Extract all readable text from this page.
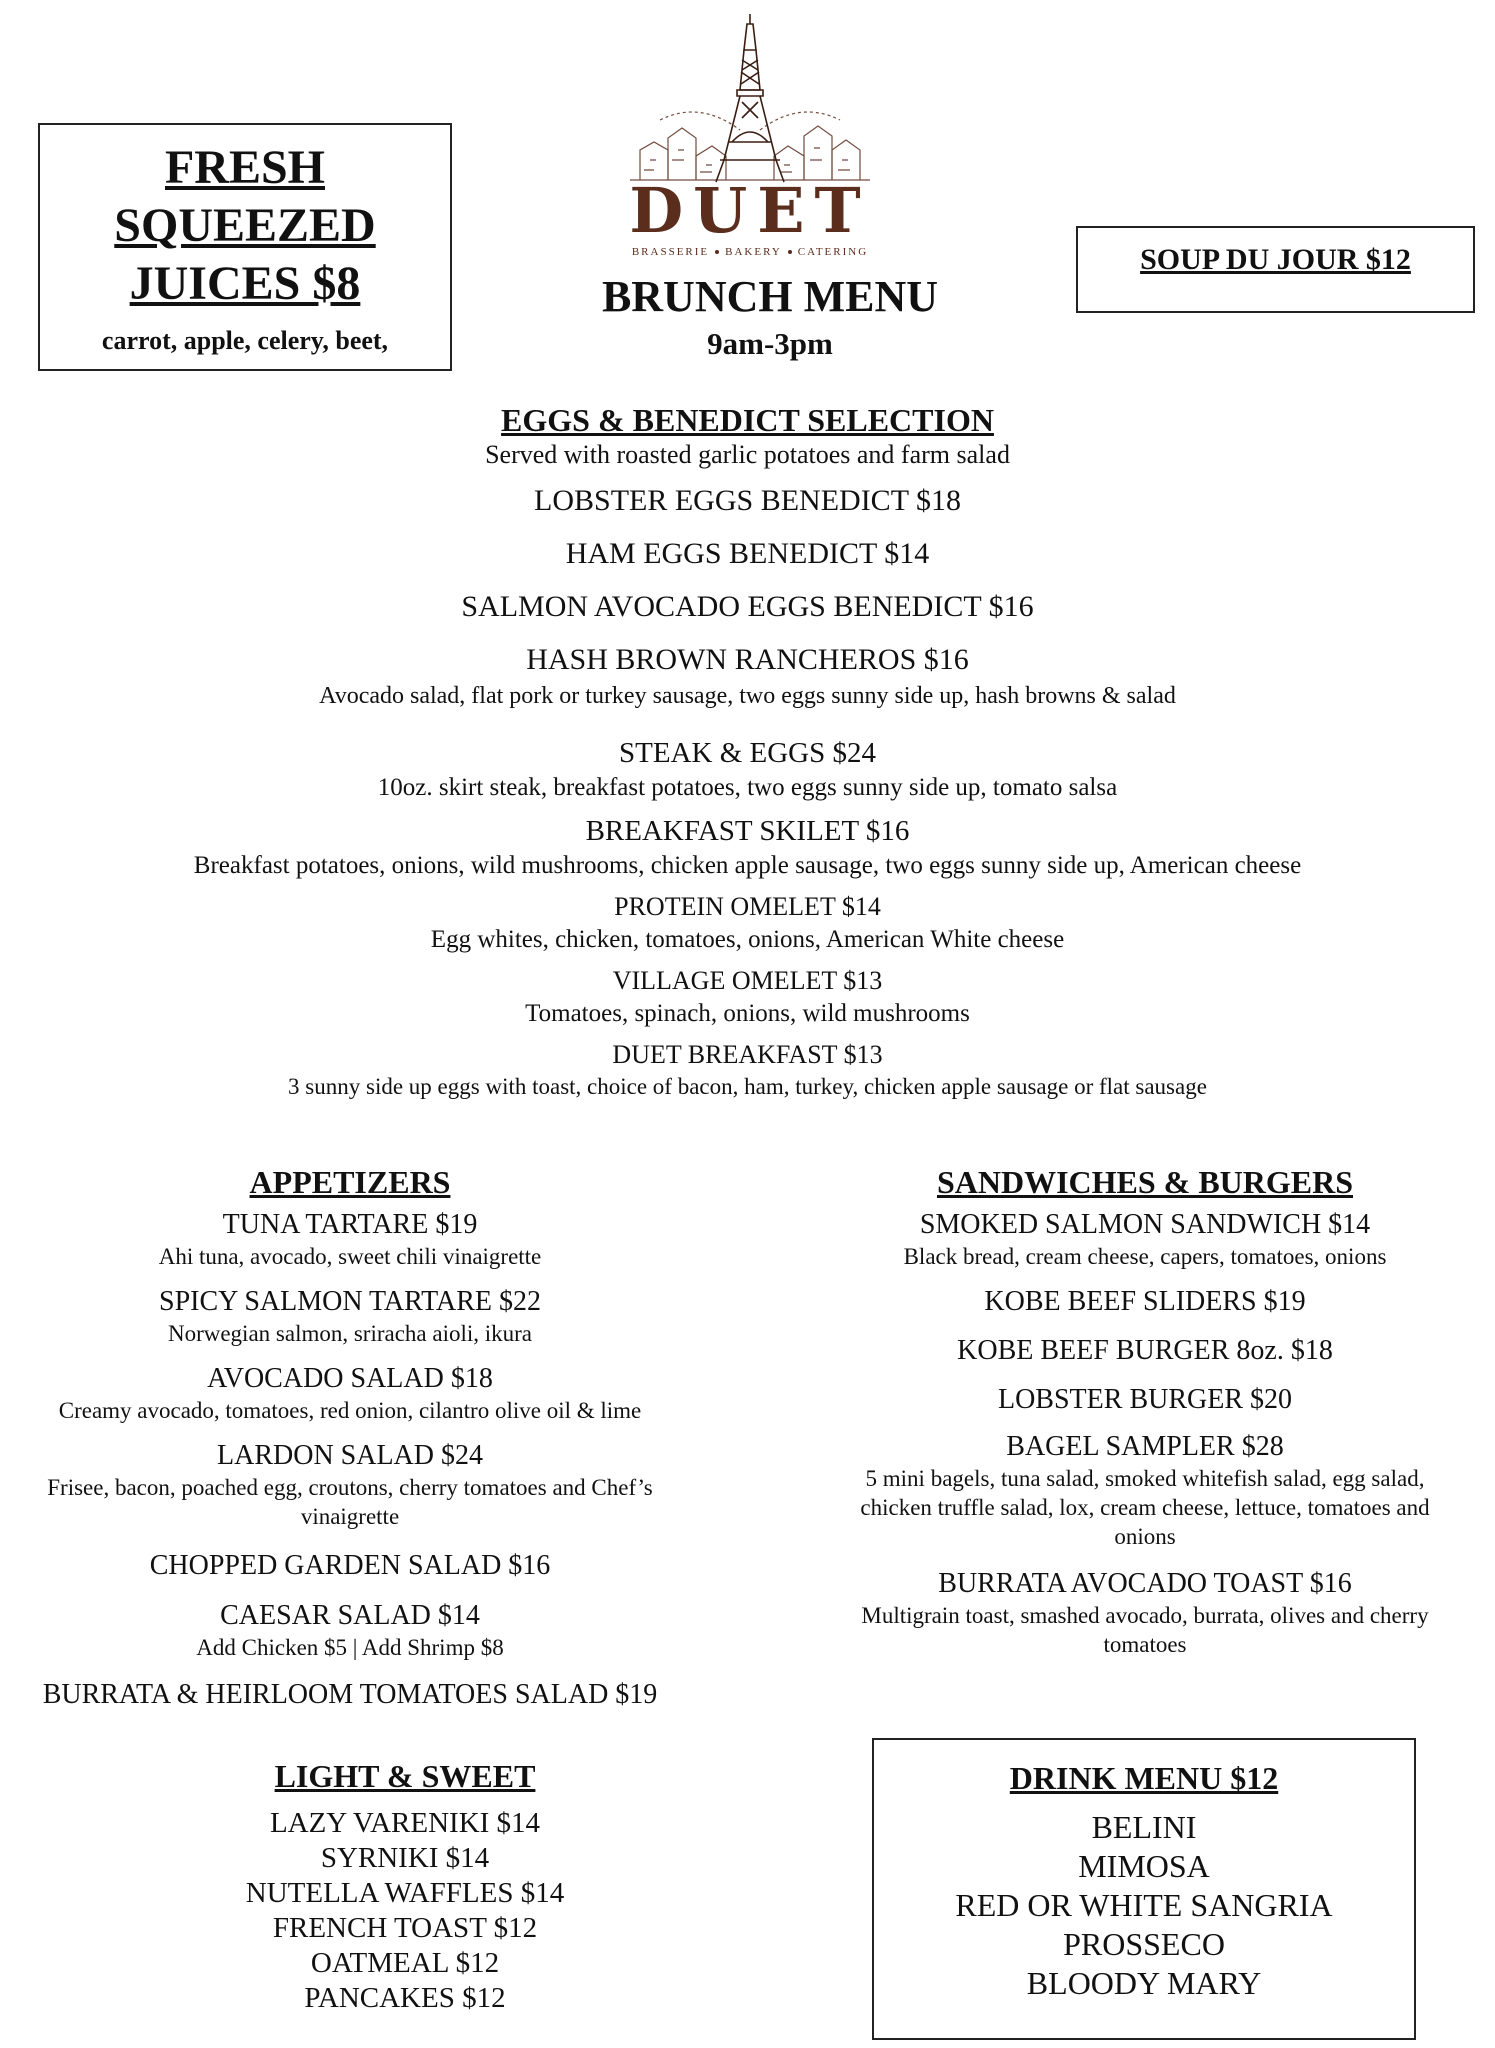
FRESH
SQUEEZED
JUICES $8
carrot, apple, celery, beet,
DUET
BRASSERIE BAKERY CATERING
BRUNCH MENU
9am-3pm
SOUP DU JOUR $12
EGGS & BENEDICT SELECTION
Served with roasted garlic potatoes and farm salad
LOBSTER EGGS BENEDICT $18
HAM EGGS BENEDICT $14
SALMON AVOCADO EGGS BENEDICT $16
HASH BROWN RANCHEROS $16
Avocado salad, flat pork or turkey sausage, two eggs sunny side up, hash browns & salad
STEAK & EGGS $24
10oz. skirt steak, breakfast potatoes, two eggs sunny side up, tomato salsa
BREAKFAST SKILET $16
Breakfast potatoes, onions, wild mushrooms, chicken apple sausage, two eggs sunny side up, American cheese
PROTEIN OMELET $14
Egg whites, chicken, tomatoes, onions, American White cheese
VILLAGE OMELET $13
Tomatoes, spinach, onions, wild mushrooms
DUET BREAKFAST $13
3 sunny side up eggs with toast, choice of bacon, ham, turkey, chicken apple sausage or flat sausage
APPETIZERS
TUNA TARTARE $19
Ahi tuna, avocado, sweet chili vinaigrette
SPICY SALMON TARTARE $22
Norwegian salmon, sriracha aioli, ikura
AVOCADO SALAD $18
Creamy avocado, tomatoes, red onion, cilantro olive oil & lime
LARDON SALAD $24
Frisee, bacon, poached egg, croutons, cherry tomatoes and Chef’s vinaigrette
CHOPPED GARDEN SALAD $16
CAESAR SALAD $14
Add Chicken $5 | Add Shrimp $8
BURRATA & HEIRLOOM TOMATOES SALAD $19
SANDWICHES & BURGERS
SMOKED SALMON SANDWICH $14
Black bread, cream cheese, capers, tomatoes, onions
KOBE BEEF SLIDERS $19
KOBE BEEF BURGER 8oz. $18
LOBSTER BURGER $20
BAGEL SAMPLER $28
5 mini bagels, tuna salad, smoked whitefish salad, egg salad, chicken truffle salad, lox, cream cheese, lettuce, tomatoes and onions
BURRATA AVOCADO TOAST $16
Multigrain toast, smashed avocado, burrata, olives and cherry tomatoes
LIGHT & SWEET
LAZY VARENIKI $14
SYRNIKI $14
NUTELLA WAFFLES $14
FRENCH TOAST $12
OATMEAL $12
PANCAKES $12
DRINK MENU $12
BELINI
MIMOSA
RED OR WHITE SANGRIA
PROSSECO
BLOODY MARY
